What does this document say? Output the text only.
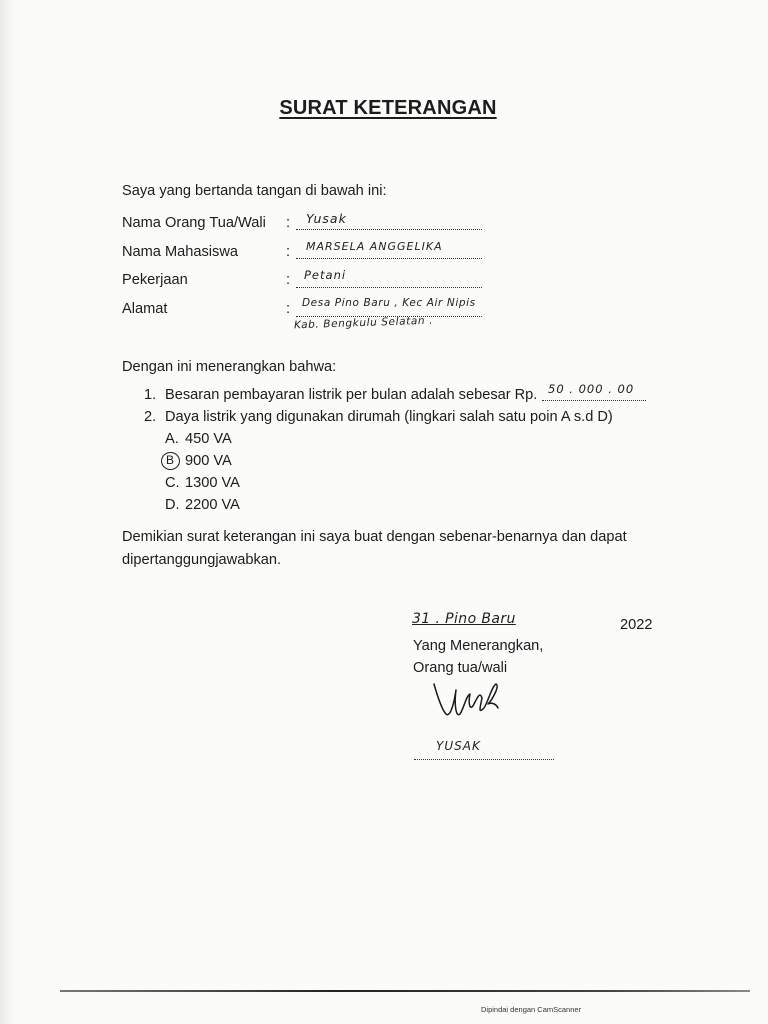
SURAT KETERANGAN
Saya yang bertanda tangan di bawah ini:
Nama Orang Tua/Wali : Yusak
Nama Mahasiswa	: MARSELA ANGGELIKA
Pekerjaan	: Petani
Alamat	: Desa Pino Baru , Kec Air Nipis
Kab. Bengkulu Selatan .
Dengan ini menerangkan bahwa:
1. Besaran pembayaran listrik per bulan adalah sebesar Rp. 50 . 000 . 00
2. Daya listrik yang digunakan dirumah (lingkari salah satu poin A s.d D)
A. 450 VA
B 900 VA
C. 1300 VA
D. 2200 VA
Demikian surat keterangan ini saya buat dengan sebenar-benarnya dan dapat
dipertanggungjawabkan.
31 . Pino Baru	2022
Yang Menerangkan,
Orang tua/wali
YUSAK
Dipindai dengan CamScanner
